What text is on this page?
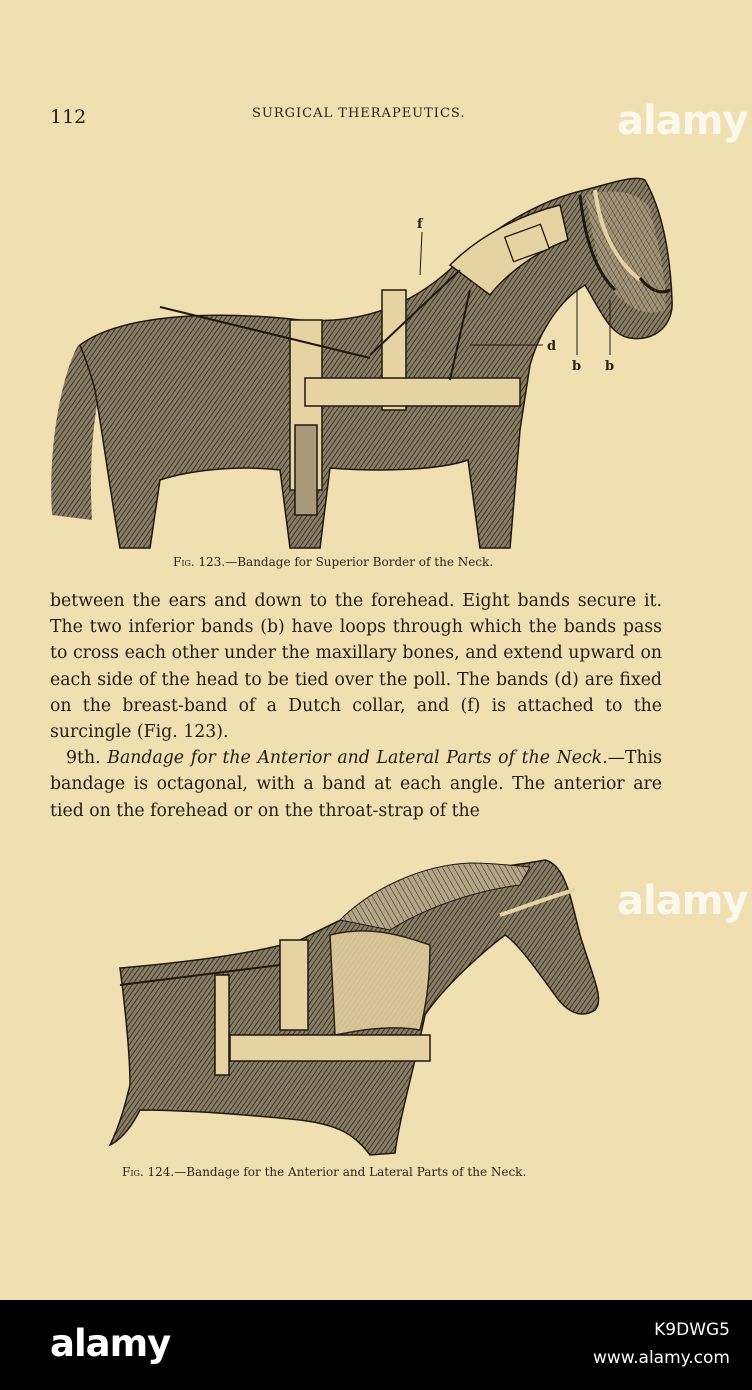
112	SURGICAL THERAPEUTICS.	alamy
f
d
b b
Fig. 123.—Bandage for Superior Border of the Neck.

between the ears and down to the forehead. Eight bands secure it. The two inferior bands (b) have loops through which the bands pass to cross each other under the maxillary bones, and extend upward on each side of the head to be tied over the poll. The bands (d) are fixed on the breast-band of a Dutch collar, and (f) is attached to the surcingle (Fig. 123).

9th. Bandage for the Anterior and Lateral Parts of the Neck.—This bandage is octagonal, with a band at each angle. The anterior are tied on the forehead or on the throat-strap of the

alamy
Fig. 124.—Bandage for the Anterior and Lateral Parts of the Neck.
alamy	K9DWG5
www.alamy.com
